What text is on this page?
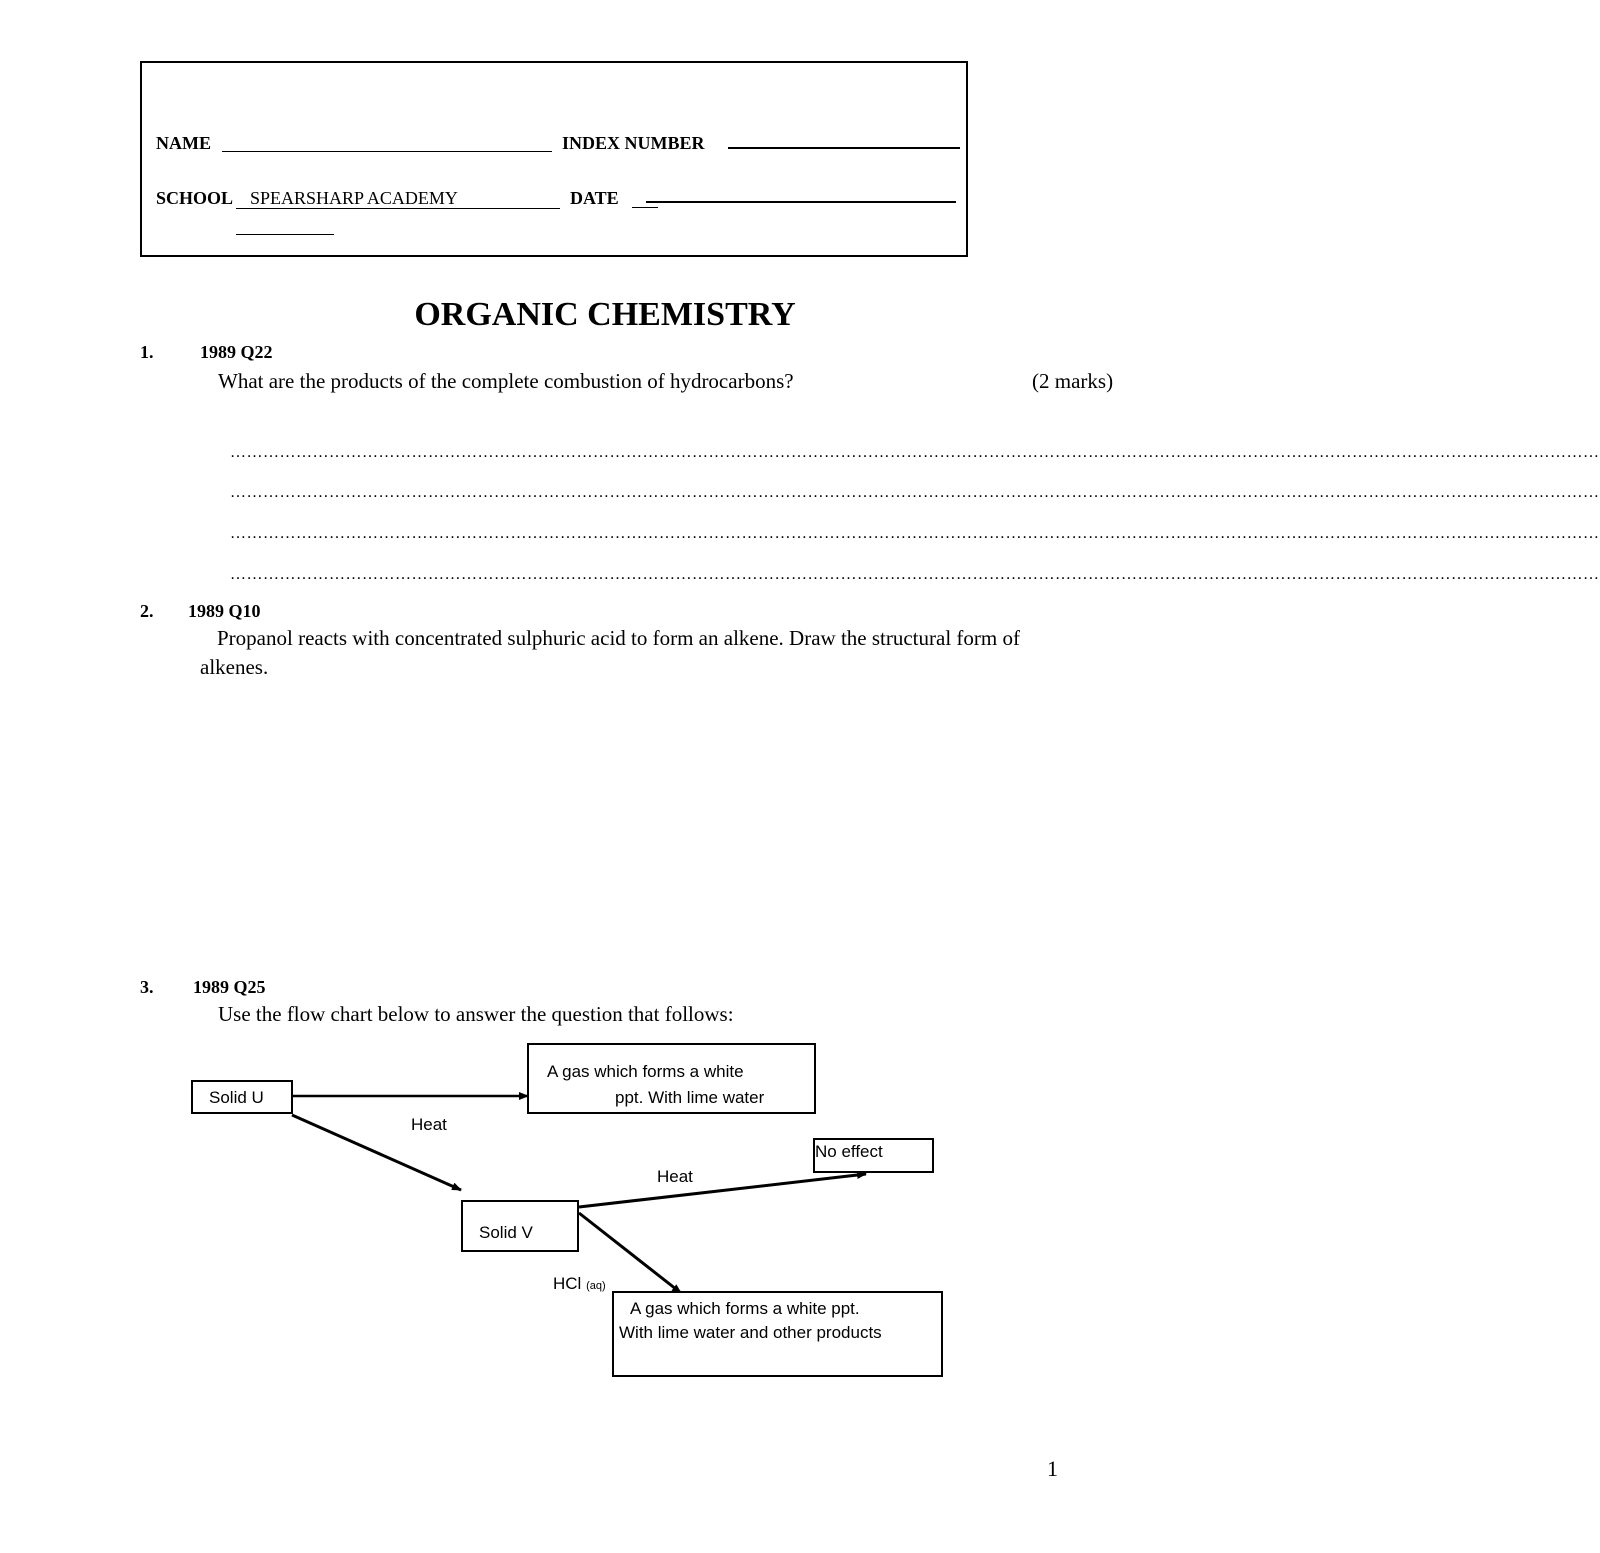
NAME	INDEX NUMBER
SCHOOL SPEARSHARP ACADEMY	DATE
ORGANIC CHEMISTRY
1.	1989 Q22
What are the products of the complete combustion of hydrocarbons?	(2 marks)
……………………………………………………………………………………………………………………………………………………………………………………………………………………………
……………………………………………………………………………………………………………………………………………………………………………………………………………………………
……………………………………………………………………………………………………………………………………………………………………………………………………………………………
……………………………………………………………………………………………………………………………………………………………………………………………………………………………
2. 1989 Q10
Propanol reacts with concentrated sulphuric acid to form an alkene. Draw the structural form of
alkenes.
3. 1989 Q25
Use the flow chart below to answer the question that follows:
Solid U
A gas which forms a white
ppt. With lime water
Heat
No effect
Heat
Solid V
HCl (aq)
A gas which forms a white ppt.
With lime water and other products
1
